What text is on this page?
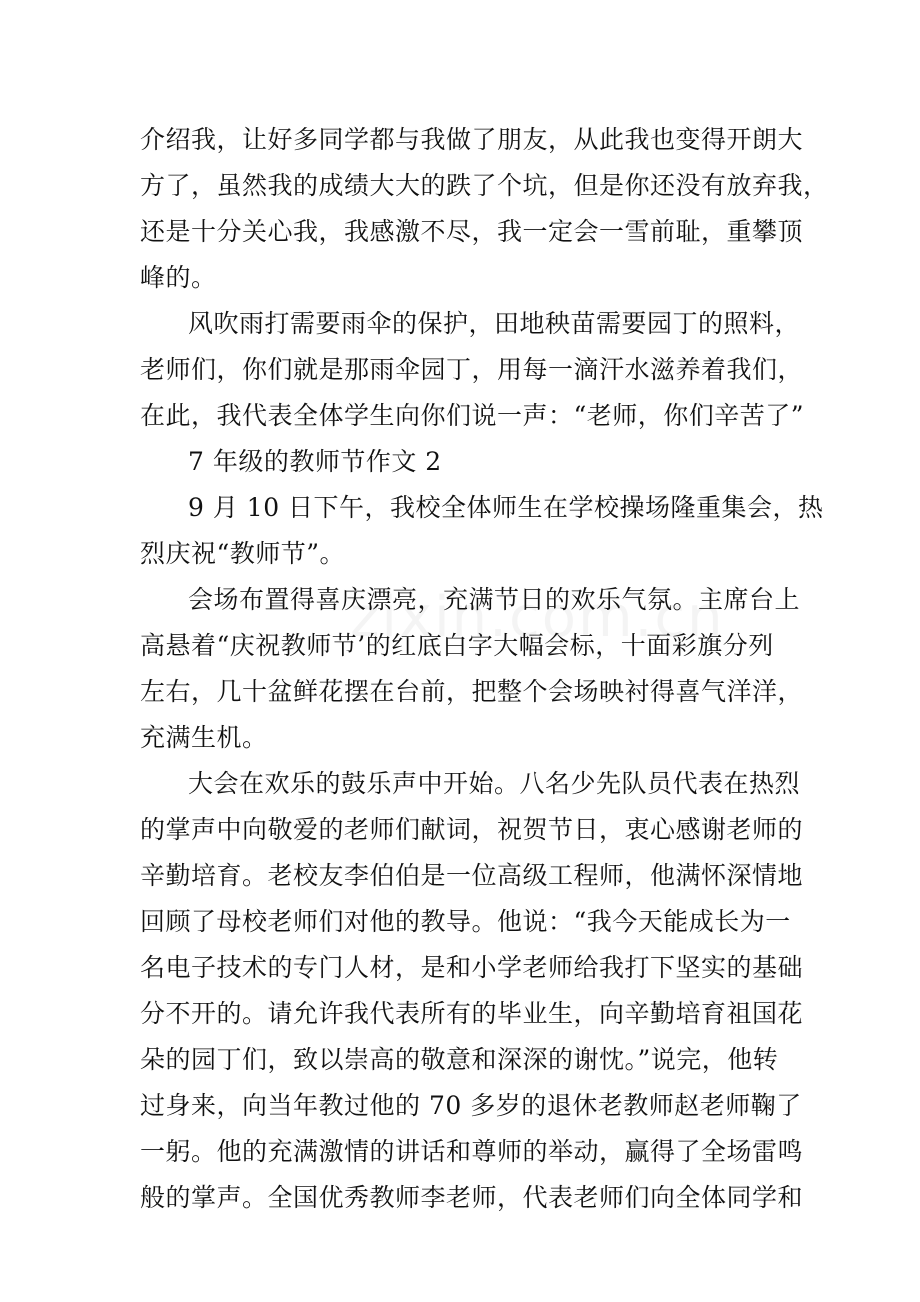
介绍我，让好多同学都与我做了朋友，从此我也变得开朗大
方了，虽然我的成绩大大的跌了个坑，但是你还没有放弃我，
还是十分关心我，我感激不尽，我一定会一雪前耻，重攀顶
峰的。
风吹雨打需要雨伞的保护，田地秧苗需要园丁的照料，
老师们，你们就是那雨伞园丁，用每一滴汗水滋养着我们，
在此，我代表全体学生向你们说一声：“老师，你们辛苦了”
7 年级的教师节作文 2
9 月 10 日下午，我校全体师生在学校操场隆重集会，热
烈庆祝“教师节”。
会场布置得喜庆漂亮，充满节日的欢乐气氛。主席台上
高悬着“庆祝教师节’的红底白字大幅会标，十面彩旗分列
左右，几十盆鲜花摆在台前，把整个会场映衬得喜气洋洋，
充满生机。
大会在欢乐的鼓乐声中开始。八名少先队员代表在热烈
的掌声中向敬爱的老师们献词，祝贺节日，衷心感谢老师的
辛勤培育。老校友李伯伯是一位高级工程师，他满怀深情地
回顾了母校老师们对他的教导。他说：“我今天能成长为一
名电子技术的专门人材，是和小学老师给我打下坚实的基础
分不开的。请允许我代表所有的毕业生，向辛勤培育祖国花
朵的园丁们，致以崇高的敬意和深深的谢忱。”说完，他转
过身来，向当年教过他的 70 多岁的退休老教师赵老师鞠了
一躬。他的充满激情的讲话和尊师的举动，赢得了全场雷鸣
般的掌声。全国优秀教师李老师，代表老师们向全体同学和
